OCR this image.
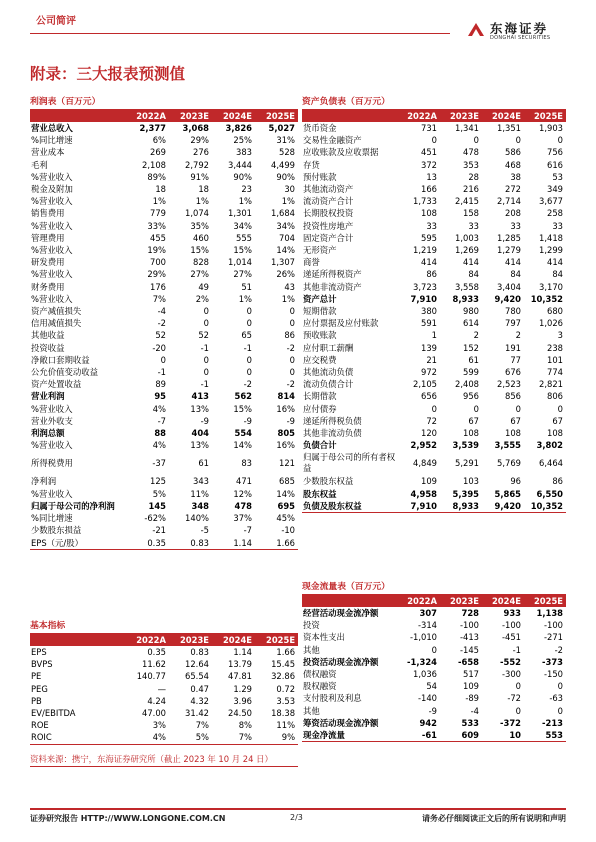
公司简评	东海证券
DONGHAI SECURITIES
附录：三大报表预测值
利润表（百万元）				
	2022A	2023E	2024E	2025E
营业总收入	2,377	3,068	3,826	5,027
%同比增速	6%	29%	25%	31%
营业成本	269	276	383	528
毛利	2,108	2,792	3,444	4,499
%营业收入	89%	91%	90%	90%
税金及附加	18	18	23	30
%营业收入	1%	1%	1%	1%
销售费用	779	1,074	1,301	1,684
%营业收入	33%	35%	34%	34%
管理费用	455	460	555	704
%营业收入	19%	15%	15%	14%
研发费用	700	828	1,014	1,307
%营业收入	29%	27%	27%	26%
财务费用	176	49	51	43
%营业收入	7%	2%	1%	1%
资产减值损失	-4	0	0	0
信用减值损失	-2	0	0	0
其他收益	52	52	65	86
投资收益	-20	-1	-1	-2
净敞口套期收益	0	0	0	0
公允价值变动收益	-1	0	0	0
资产处置收益	89	-1	-2	-2
营业利润	95	413	562	814
%营业收入	4%	13%	15%	16%
营业外收支	-7	-9	-9	-9
利润总额	88	404	554	805
%营业收入	4%	13%	14%	16%
所得税费用	-37	61	83	121
净利润	125	343	471	685
%营业收入	5%	11%	12%	14%
归属于母公司的净利润	145	348	478	695
%同比增速	-62%	140%	37%	45%
少数股东损益	-21	-5	-7	-10
EPS（元/股）	0.35	0.83	1.14	1.66
资产负债表（百万元）				
	2022A	2023E	2024E	2025E
货币资金	731	1,341	1,351	1,903
交易性金融资产	0	0	0	0
应收账款及应收票据	451	478	586	756
存货	372	353	468	616
预付账款	13	28	38	53
其他流动资产	166	216	272	349
流动资产合计	1,733	2,415	2,714	3,677
长期股权投资	108	158	208	258
投资性房地产	33	33	33	33
固定资产合计	595	1,003	1,285	1,418
无形资产	1,219	1,269	1,279	1,299
商誉	414	414	414	414
递延所得税资产	86	84	84	84
其他非流动资产	3,723	3,558	3,404	3,170
资产总计	7,910	8,933	9,420	10,352
短期借款	380	980	780	680
应付票据及应付账款	591	614	797	1,026
预收账款	1	2	2	3
应付职工薪酬	139	152	191	238
应交税费	21	61	77	101
其他流动负债	972	599	676	774
流动负债合计	2,105	2,408	2,523	2,821
长期借款	656	956	856	806
应付债券	0	0	0	0
递延所得税负债	72	67	67	67
其他非流动负债	120	108	108	108
负债合计	2,952	3,539	3,555	3,802
归属于母公司的所有者权益	4,849	5,291	5,769	6,464
少数股东权益	109	103	96	86
股东权益	4,958	5,395	5,865	6,550
负债及股东权益	7,910	8,933	9,420	10,352
基本指标				
	2022A	2023E	2024E	2025E
EPS	0.35	0.83	1.14	1.66
BVPS	11.62	12.64	13.79	15.45
PE	140.77	65.54	47.81	32.86
PEG	—	0.47	1.29	0.72
PB	4.24	4.32	3.96	3.53
EV/EBITDA	47.00	31.42	24.50	18.38
ROE	3%	7%	8%	11%
ROIC	4%	5%	7%	9%
现金流量表（百万元）				
	2022A	2023E	2024E	2025E
经营活动现金流净额	307	728	933	1,138
投资	-314	-100	-100	-100
资本性支出	-1,010	-413	-451	-271
其他	0	-145	-1	-2
投资活动现金流净额	-1,324	-658	-552	-373
债权融资	1,036	517	-300	-150
股权融资	54	109	0	0
支付股利及利息	-140	-89	-72	-63
其他	-9	-4	0	0
筹资活动现金流净额	942	533	-372	-213
现金净流量	-61	609	10	553
资料来源：携宁，东海证券研究所（截止 2023 年 10 月 24 日）
证券研究报告 HTTP://WWW.LONGONE.COM.CN	2/3	请务必仔细阅读正文后的所有说明和声明
